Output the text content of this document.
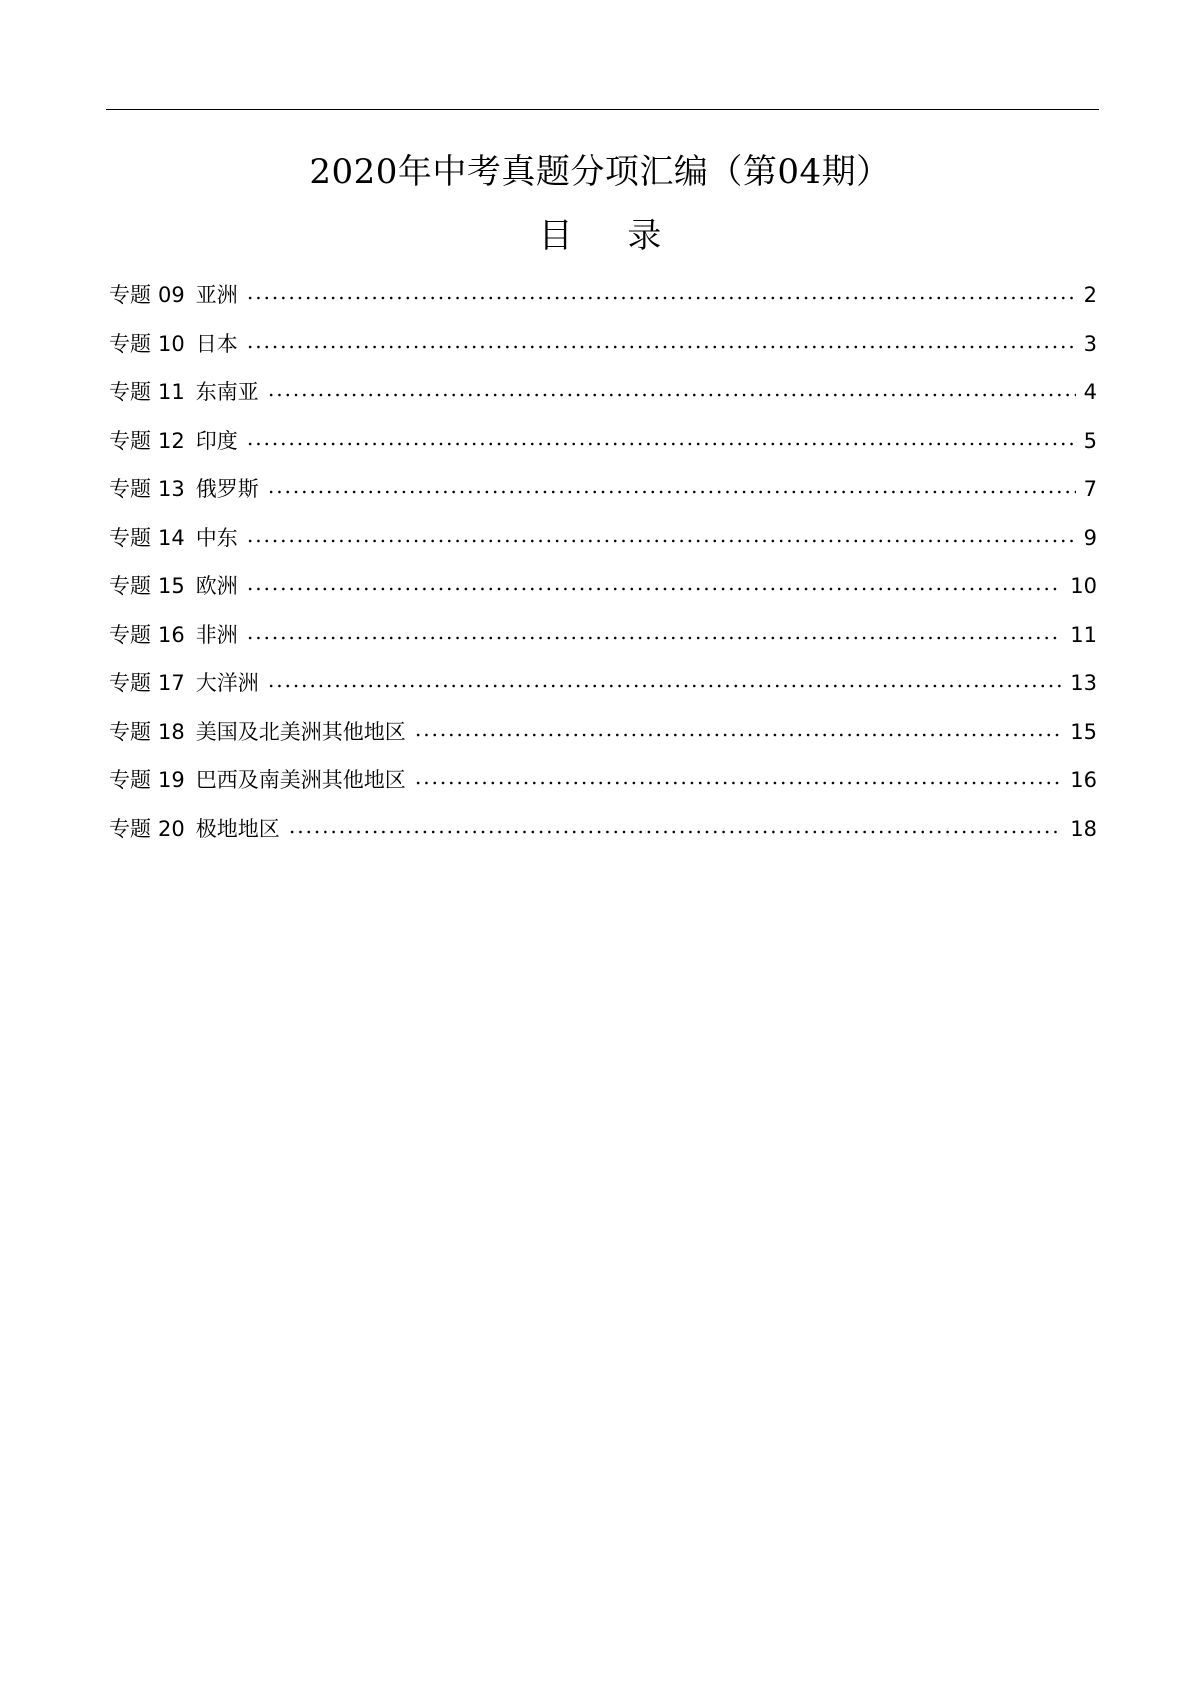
2020年中考真题分项汇编（第04期）
目 录
专题 09 亚洲	2
专题 10 日本	3
专题 11 东南亚	4
专题 12 印度	5
专题 13 俄罗斯	7
专题 14 中东	9
专题 15 欧洲	10
专题 16 非洲	11
专题 17 大洋洲	13
专题 18 美国及北美洲其他地区	15
专题 19 巴西及南美洲其他地区	16
专题 20 极地地区	18
